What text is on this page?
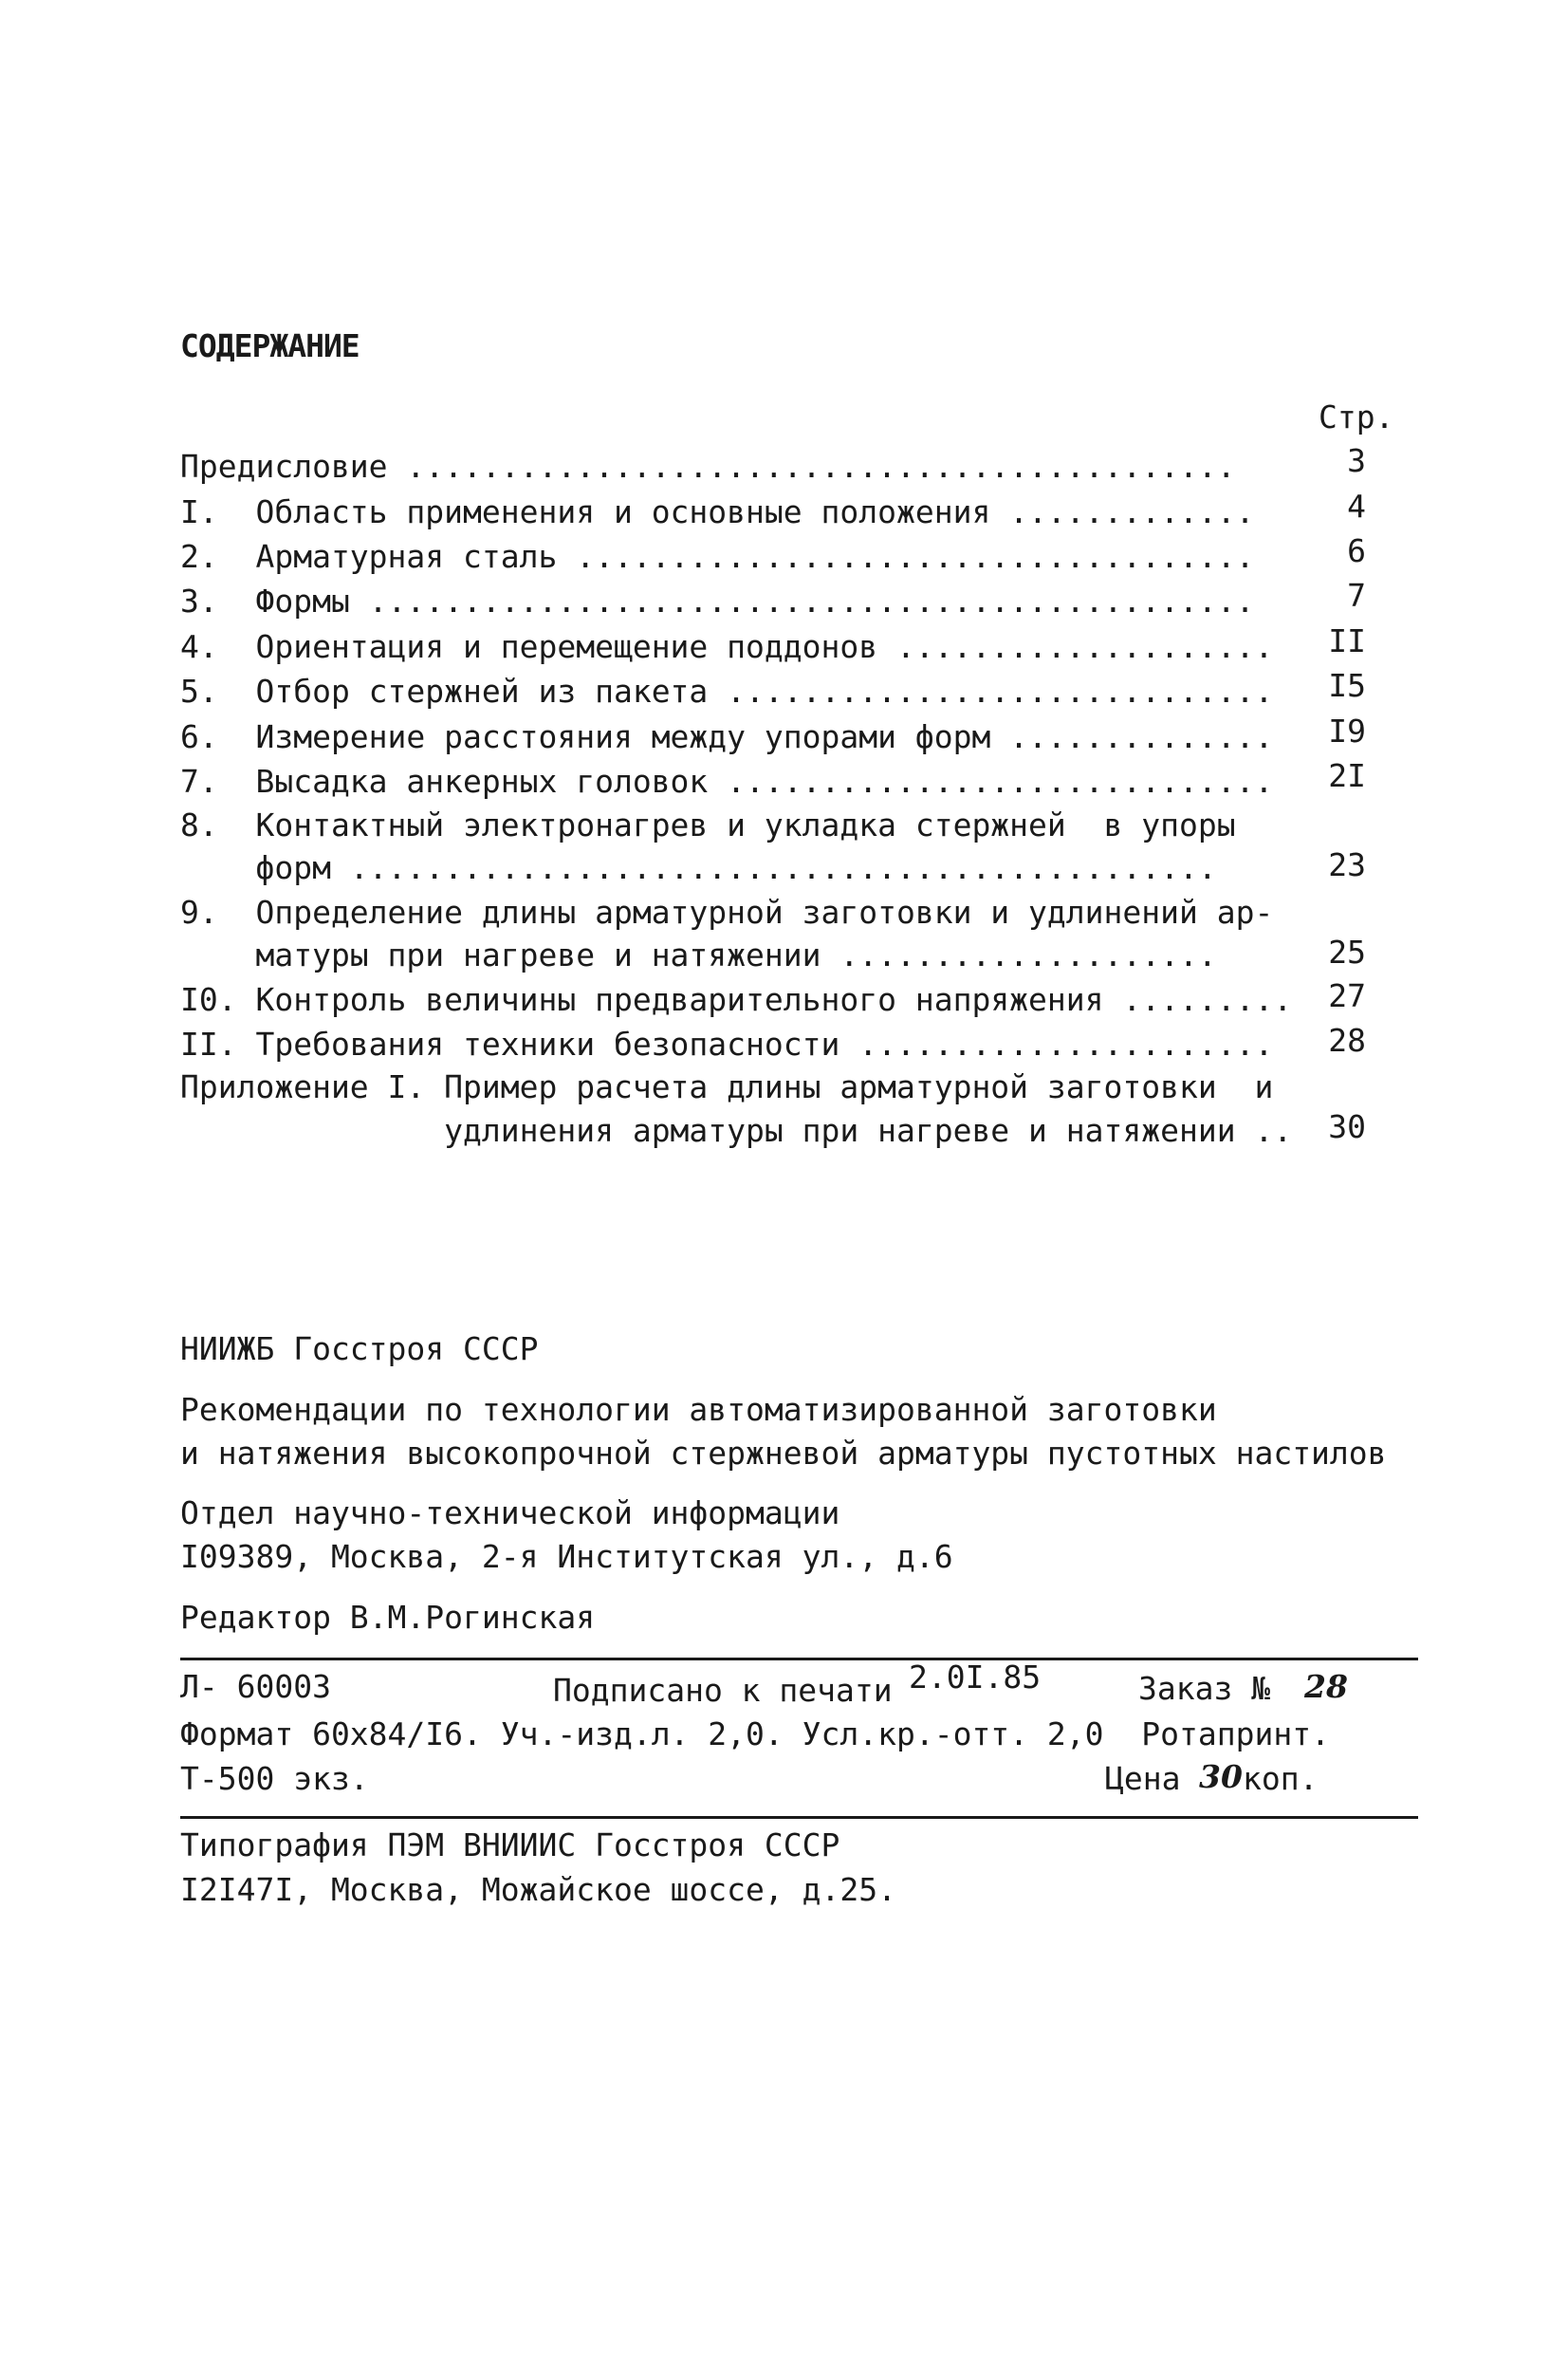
СОДЕРЖАНИЕ
Стр.
Предисловие ............................................	3
I.  Область применения и основные положения .............	4
2.  Арматурная сталь ....................................	6
3.  Формы ...............................................	7
4.  Ориентация и перемещение поддонов ....................	II
5.  Отбор стержней из пакета .............................	I5
6.  Измерение расстояния между упорами форм ..............	I9
7.  Высадка анкерных головок .............................	2I
8.  Контактный электронагрев и укладка стержней  в упоры
форм ..............................................	23
9.  Определение длины арматурной заготовки и удлинений ар-
матуры при нагреве и натяжении ....................	25
I0. Контроль величины предварительного напряжения .........	27
II. Требования техники безопасности ......................	28
Приложение I. Пример расчета длины арматурной заготовки  и
удлинения арматуры при нагреве и натяжении ..	30
НИИЖБ Госстроя СССР
Рекомендации по технологии автоматизированной заготовки
и натяжения высокопрочной стержневой арматуры пустотных настилов
Отдел научно-технической информации
I09389, Москва, 2-я Институтская ул., д.6
Редактор В.М.Рогинская
Л- 60003	Подписано к печати 2.0I.85	Заказ № 28
Формат 60х84/I6. Уч.-изд.л. 2,0. Усл.кр.-отт. 2,0  Ротапринт.
Т-500 экз.	Цена 30 коп.
Типография ПЭМ ВНИИИС Госстроя СССР
I2I47I, Москва, Можайское шоссе, д.25.
